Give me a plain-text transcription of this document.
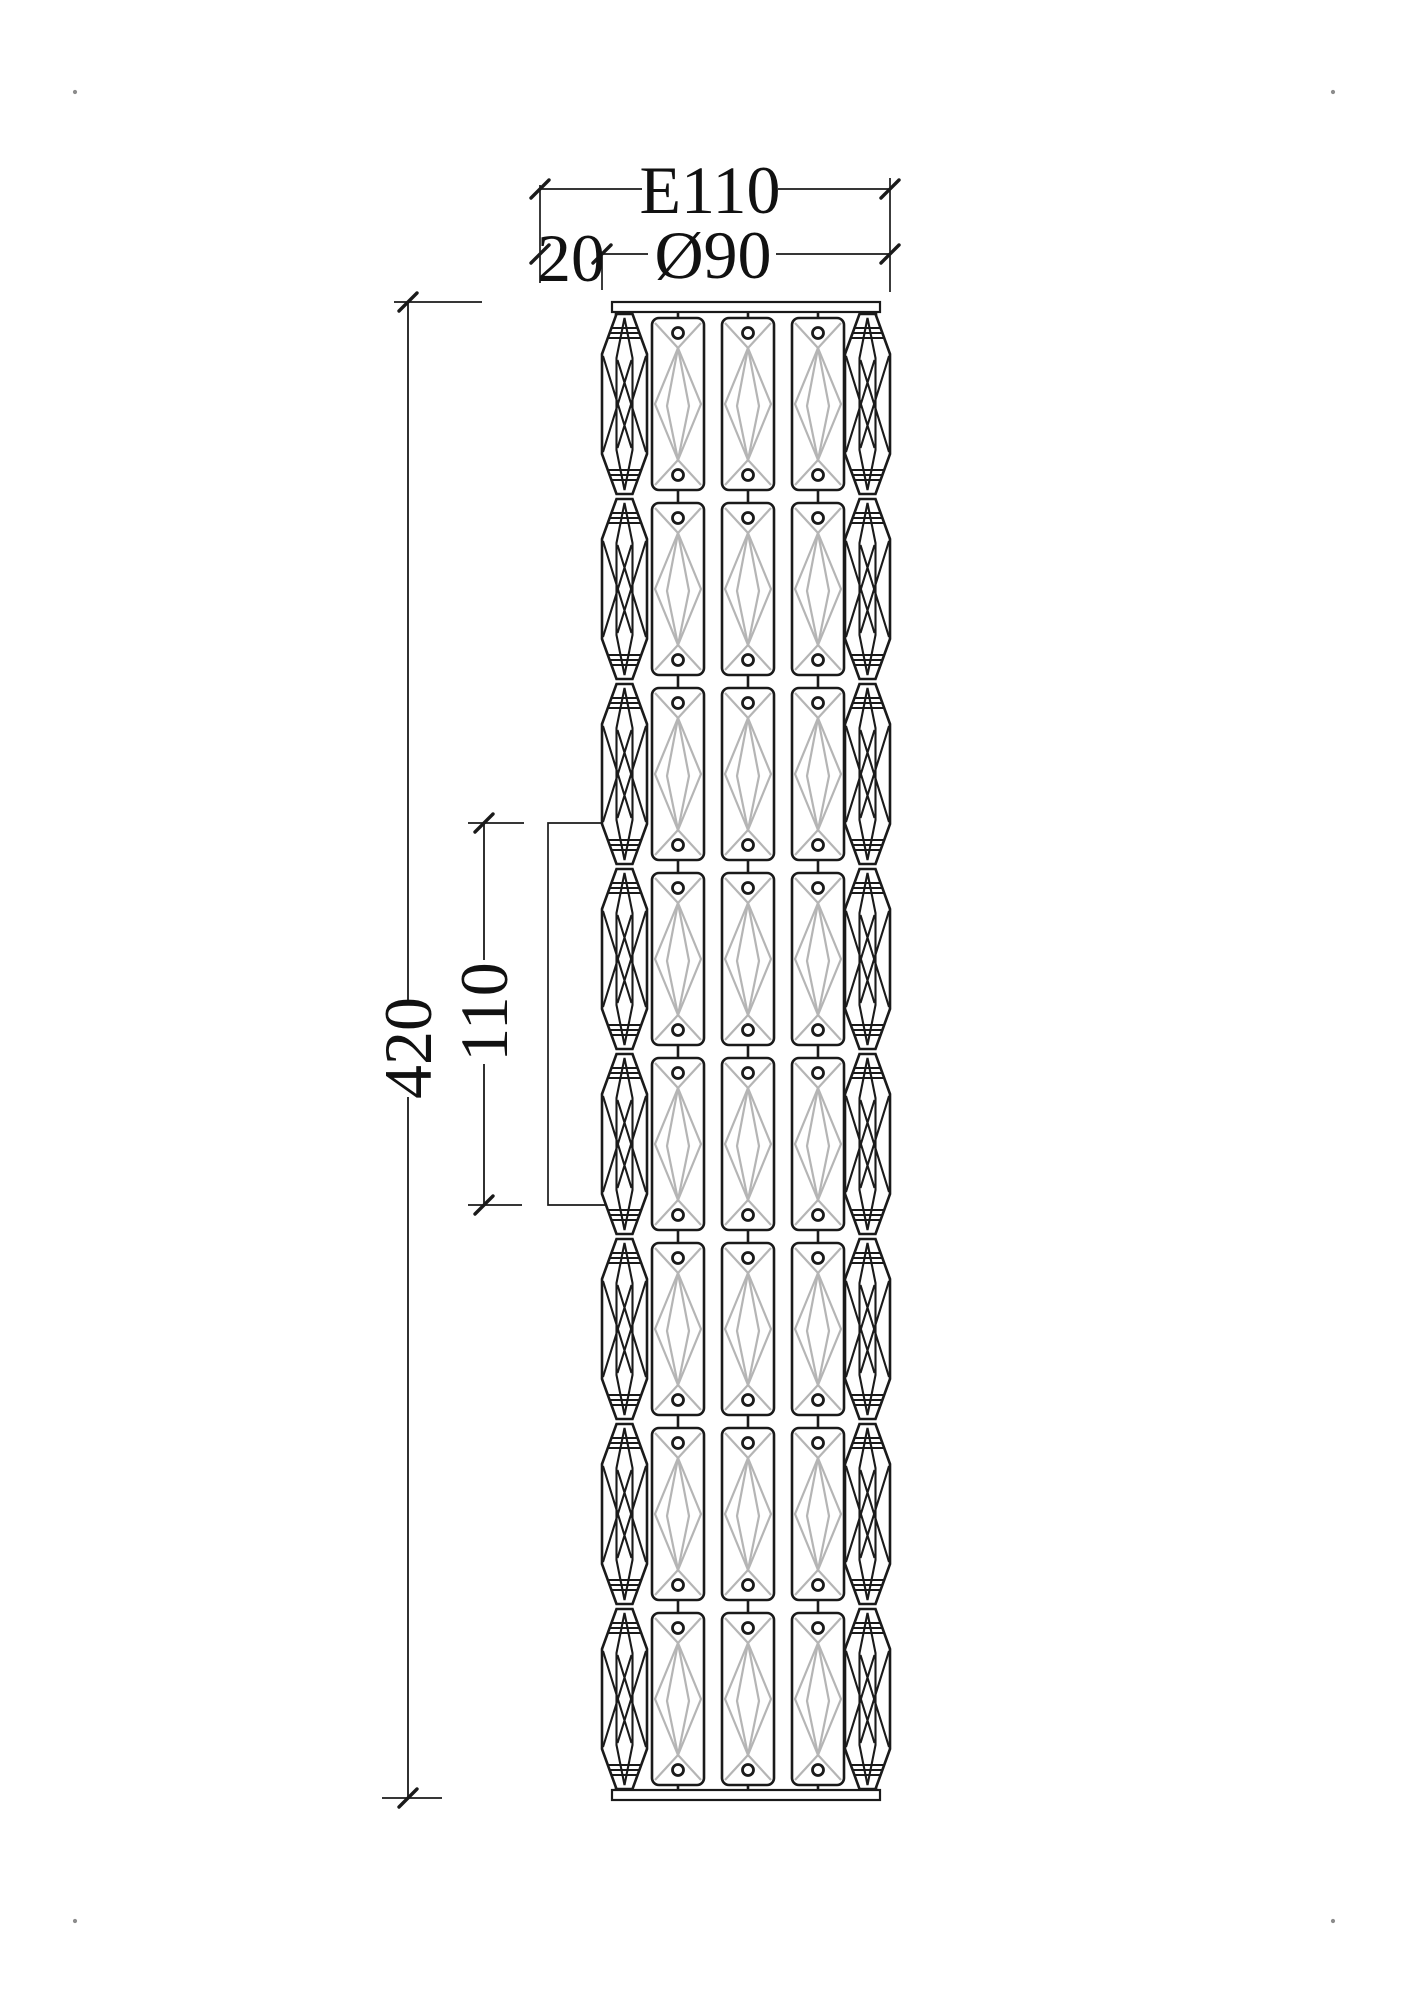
E110
Ø90
20
420 110
